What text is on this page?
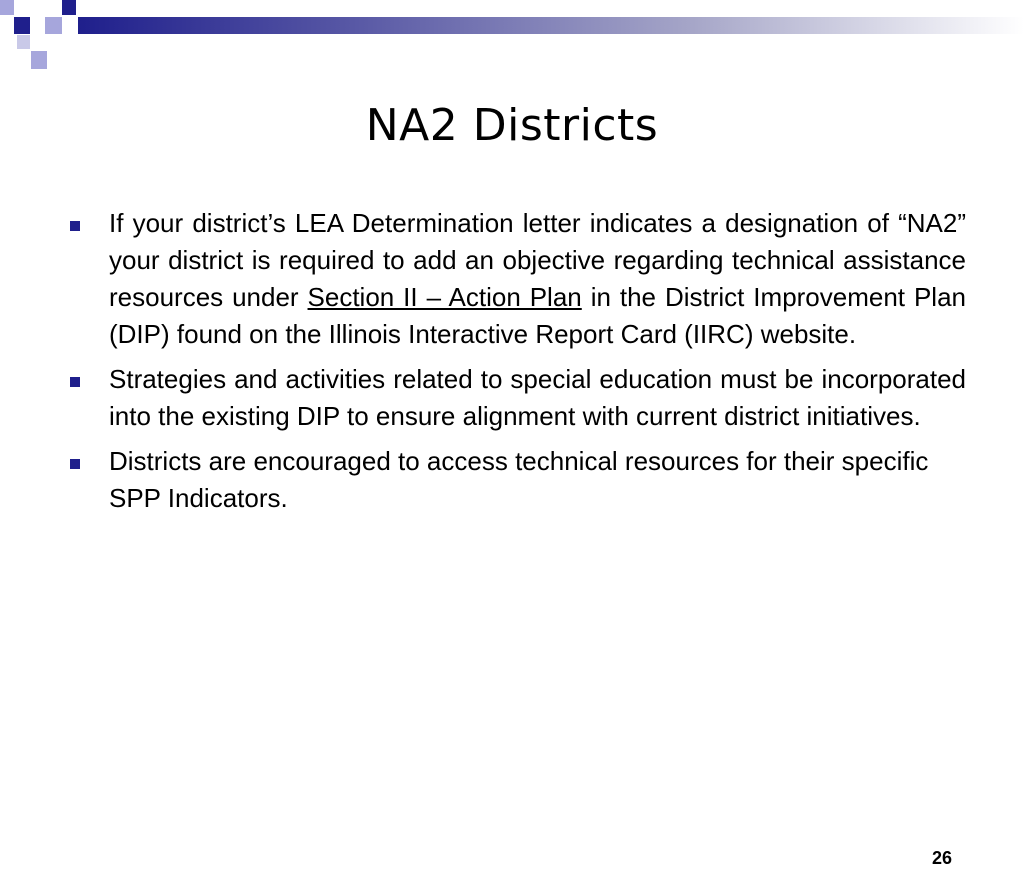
NA2 Districts
If your district’s LEA Determination letter indicates a designation of “NA2” your district is required to add an objective regarding technical assistance resources under Section II – Action Plan in the District Improvement Plan (DIP) found on the Illinois Interactive Report Card (IIRC) website.
Strategies and activities related to special education must be incorporated into the existing DIP to ensure alignment with current district initiatives.
Districts are encouraged to access technical resources for their specific SPP Indicators.
26
